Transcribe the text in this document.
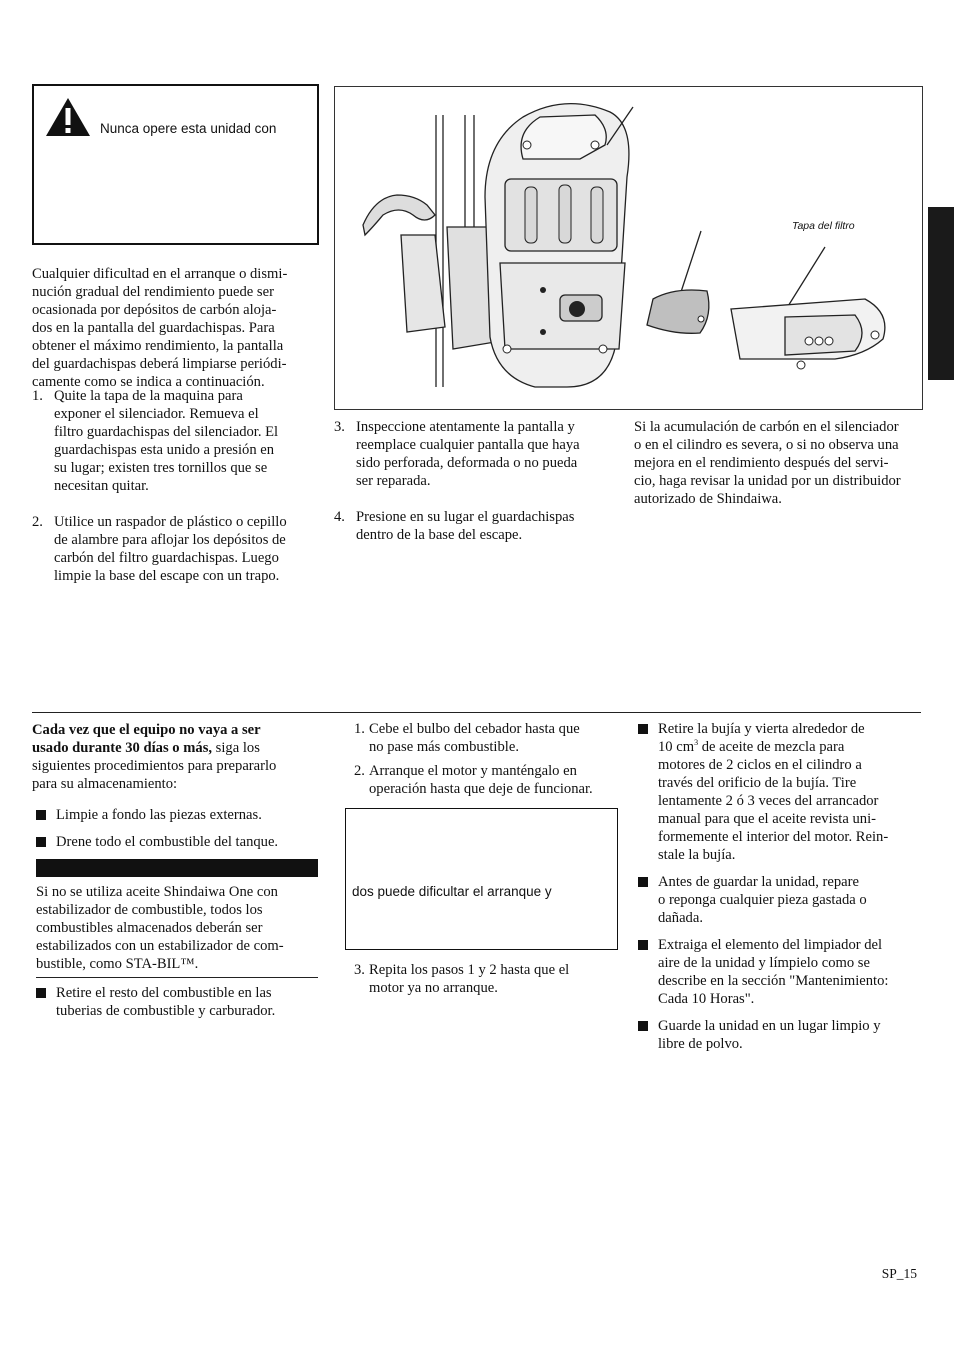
Nunca opere esta unidad con
Cualquier dificultad en el arranque o dismi-
nución gradual del rendimiento puede ser
ocasionada por depósitos de carbón aloja-
dos en la pantalla del guardachispas. Para
obtener el máximo rendimiento, la pantalla
del guardachispas deberá limpiarse periódi-
camente como se indica a continuación.
1. Quite la tapa de la maquina para
exponer el silenciador. Remueva el
filtro guardachispas del silenciador. El
guardachispas esta unido a presión en
su lugar; existen tres tornillos que se
necesitan quitar.
2. Utilice un raspador de plástico o cepillo
de alambre para aflojar los depósitos de
carbón del filtro guardachispas. Luego
limpie la base del escape con un trapo.
Tapa del filtro
3. Inspeccione atentamente la pantalla y
reemplace cualquier pantalla que haya
sido perforada, deformada o no pueda
ser reparada.
4. Presione en su lugar el guardachispas
dentro de la base del escape.
Si la acumulación de carbón en el silenciador
o en el cilindro es severa, o si no observa una
mejora en el rendimiento después del servi-
cio, haga revisar la unidad por un distribuidor
autorizado de Shindaiwa.
Cada vez que el equipo no vaya a ser
usado durante 30 días o más, siga los
siguientes procedimientos para prepararlo
para su almacenamiento:
Limpie a fondo las piezas externas.
Drene todo el combustible del tanque.
Si no se utiliza aceite Shindaiwa One con
estabilizador de combustible, todos los
combustibles almacenados deberán ser
estabilizados con un estabilizador de com-
bustible, como STA-BIL™.
Retire el resto del combustible en las
tuberias de combustible y carburador.
1. Cebe el bulbo del cebador hasta que
no pase más combustible.
2. Arranque el motor y manténgalo en
operación hasta que deje de funcionar.
dos puede dificultar el arranque y
3. Repita los pasos 1 y 2 hasta que el
motor ya no arranque.
Retire la bujía y vierta alrededor de
10 $cm^3$ de aceite de mezcla para
motores de 2 ciclos en el cilindro a
través del orificio de la bujía. Tire
lentamente 2 ó 3 veces del arrancador
manual para que el aceite revista uni-
formemente el interior del motor. Rein-
stale la bujía.
Antes de guardar la unidad, repare
o reponga cualquier pieza gastada o
dañada.
Extraiga el elemento del limpiador del
aire de la unidad y límpielo como se
describe en la sección "Mantenimiento:
Cada 10 Horas".
Guarde la unidad en un lugar limpio y
libre de polvo.
SP_15
